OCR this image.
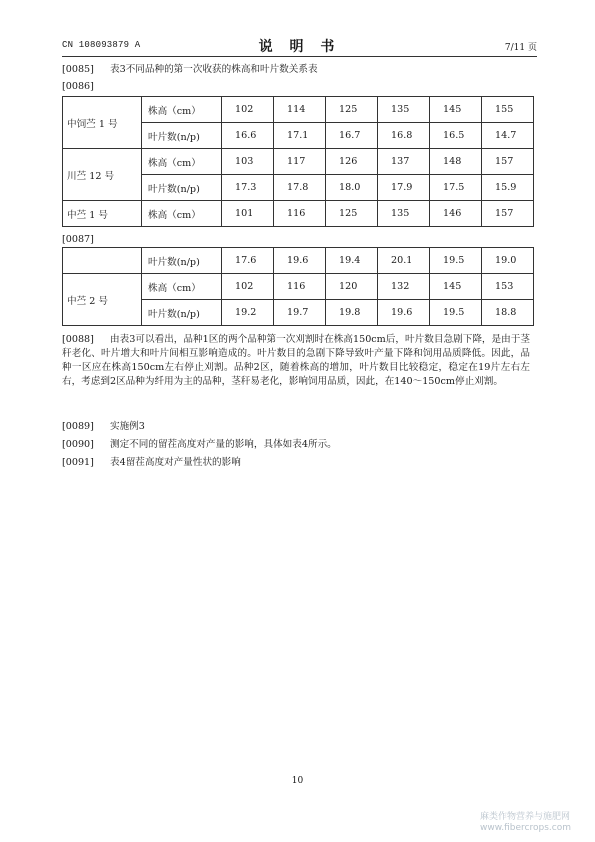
CN 108093879 A	说 明 书	7/11 页
[0085] 表3不同品种的第一次收获的株高和叶片数关系表
[0086]
中饲苎 1 号	株高（cm）	102	114	125	135	145	155
	叶片数(n/p)	16.6	17.1	16.7	16.8	16.5	14.7
川苎 12 号	株高（cm）	103	117	126	137	148	157
	叶片数(n/p)	17.3	17.8	18.0	17.9	17.5	15.9
中苎 1 号	株高（cm）	101	116	125	135	146	157
[0087]
	叶片数(n/p)	17.6	19.6	19.4	20.1	19.5	19.0
中苎 2 号	株高（cm）	102	116	120	132	145	153
	叶片数(n/p)	19.2	19.7	19.8	19.6	19.5	18.8
[0088] 由表3可以看出，品种1区的两个品种第一次刈割时在株高150cm后，叶片数目急剧下降，是由于茎秆老化、叶片增大和叶片间相互影响造成的。叶片数目的急剧下降导致叶产量下降和饲用品质降低。因此，品种一区应在株高150cm左右停止刈割。品种2区，随着株高的增加，叶片数目比较稳定，稳定在19片左右左右，考虑到2区品种为纤用为主的品种，茎秆易老化，影响饲用品质，因此，在140～150cm停止刈割。
[0089] 实施例3
[0090] 测定不同的留茬高度对产量的影响，具体如表4所示。
[0091] 表4留茬高度对产量性状的影响
10
麻类作物营养与施肥网
www.fibercrops.com
